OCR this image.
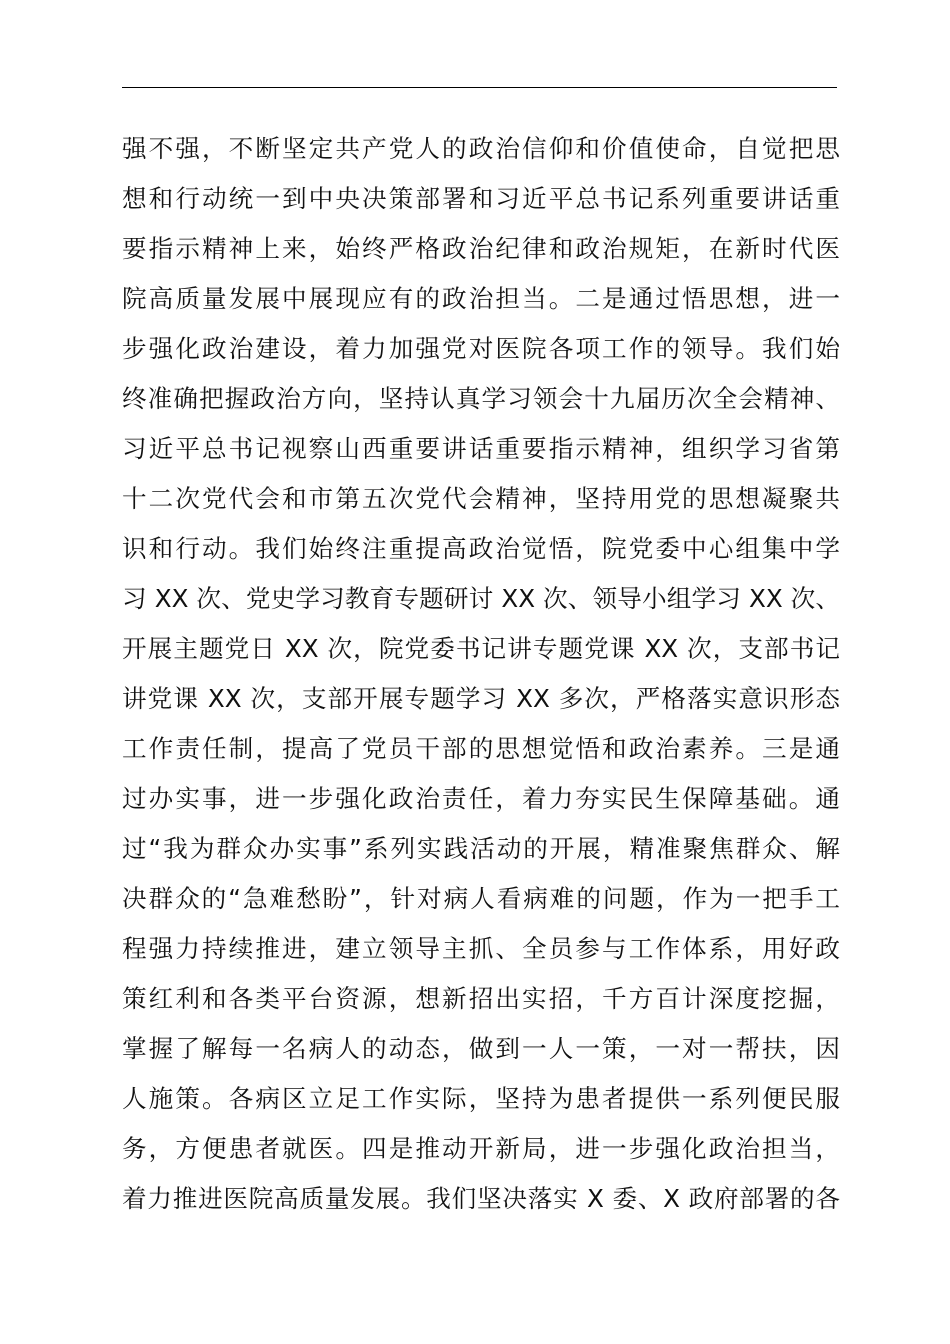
强不强，不断坚定共产党人的政治信仰和价值使命，自觉把思
想和行动统一到中央决策部署和习近平总书记系列重要讲话重
要指示精神上来，始终严格政治纪律和政治规矩，在新时代医
院高质量发展中展现应有的政治担当。二是通过悟思想，进一
步强化政治建设，着力加强党对医院各项工作的领导。我们始
终准确把握政治方向，坚持认真学习领会十九届历次全会精神、
习近平总书记视察山西重要讲话重要指示精神，组织学习省第
十二次党代会和市第五次党代会精神，坚持用党的思想凝聚共
识和行动。我们始终注重提高政治觉悟，院党委中心组集中学
习 XX 次、党史学习教育专题研讨 XX 次、领导小组学习 XX 次、
开展主题党日 XX 次，院党委书记讲专题党课 XX 次，支部书记
讲党课 XX 次，支部开展专题学习 XX 多次，严格落实意识形态
工作责任制，提高了党员干部的思想觉悟和政治素养。三是通
过办实事，进一步强化政治责任，着力夯实民生保障基础。通
过“我为群众办实事”系列实践活动的开展，精准聚焦群众、解
决群众的“急难愁盼”，针对病人看病难的问题，作为一把手工
程强力持续推进，建立领导主抓、全员参与工作体系，用好政
策红利和各类平台资源，想新招出实招，千方百计深度挖掘，
掌握了解每一名病人的动态，做到一人一策，一对一帮扶，因
人施策。各病区立足工作实际，坚持为患者提供一系列便民服
务，方便患者就医。四是推动开新局，进一步强化政治担当，
着力推进医院高质量发展。我们坚决落实 X 委、X 政府部署的各
